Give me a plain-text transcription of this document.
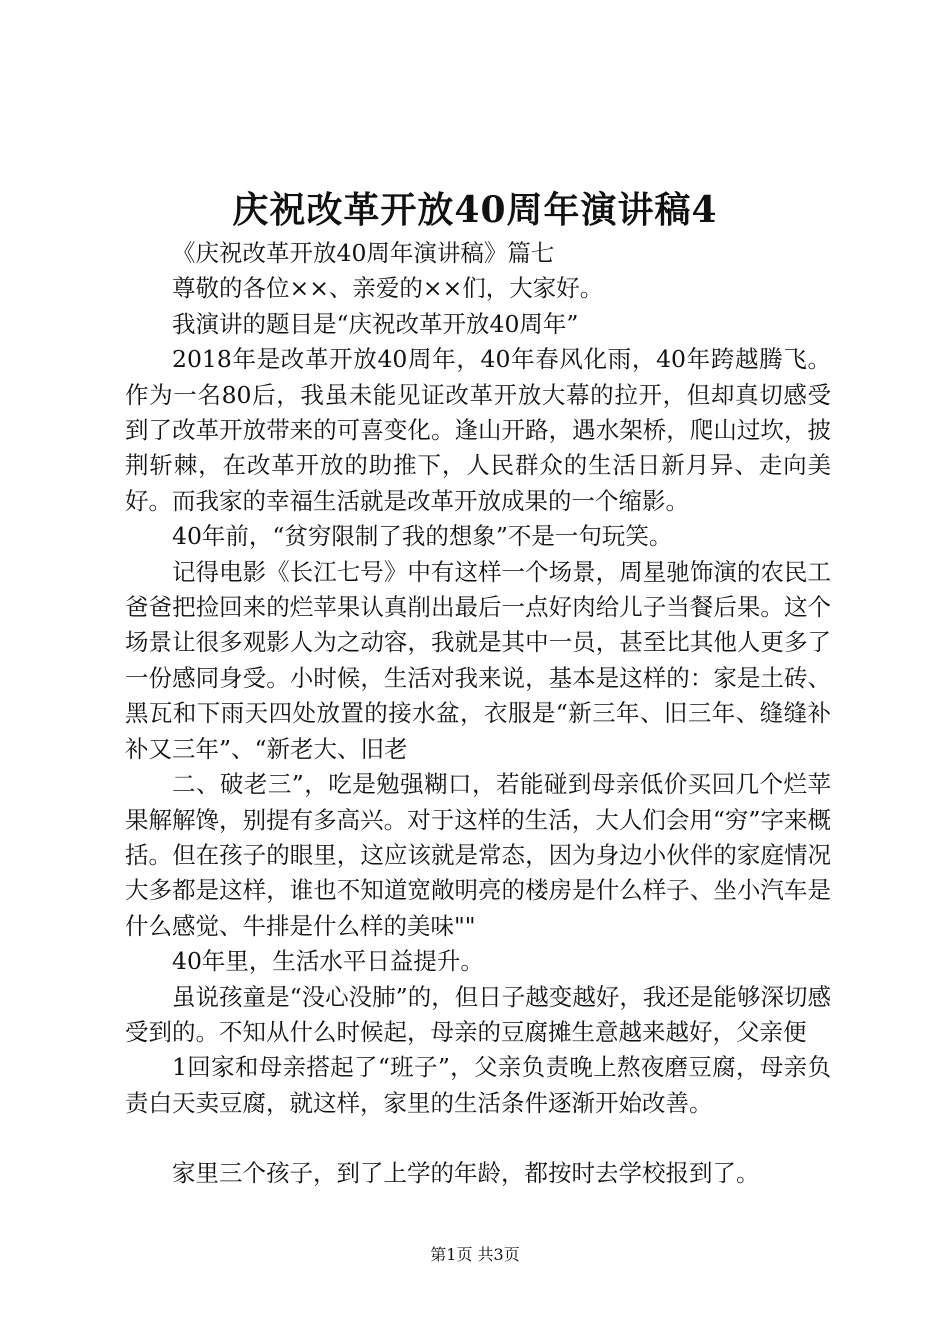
庆祝改革开放40周年演讲稿4

《庆祝改革开放40周年演讲稿》篇七

尊敬的各位××、亲爱的××们，大家好。

我演讲的题目是“庆祝改革开放40周年”

2018年是改革开放40周年，40年春风化雨，40年跨越腾飞。作为一名80后，我虽未能见证改革开放大幕的拉开，但却真切感受到了改革开放带来的可喜变化。逢山开路，遇水架桥，爬山过坎，披荆斩棘，在改革开放的助推下，人民群众的生活日新月异、走向美好。而我家的幸福生活就是改革开放成果的一个缩影。

40年前，“贫穷限制了我的想象”不是一句玩笑。

记得电影《长江七号》中有这样一个场景，周星驰饰演的农民工爸爸把捡回来的烂苹果认真削出最后一点好肉给儿子当餐后果。这个场景让很多观影人为之动容，我就是其中一员，甚至比其他人更多了一份感同身受。小时候，生活对我来说，基本是这样的：家是土砖、黑瓦和下雨天四处放置的接水盆，衣服是“新三年、旧三年、缝缝补补又三年”、“新老大、旧老

二、破老三”，吃是勉强糊口，若能碰到母亲低价买回几个烂苹果解解馋，别提有多高兴。对于这样的生活，大人们会用“穷”字来概括。但在孩子的眼里，这应该就是常态，因为身边小伙伴的家庭情况大多都是这样，谁也不知道宽敞明亮的楼房是什么样子、坐小汽车是什么感觉、牛排是什么样的美味""

40年里，生活水平日益提升。

虽说孩童是“没心没肺”的，但日子越变越好，我还是能够深切感受到的。不知从什么时候起，母亲的豆腐摊生意越来越好，父亲便

1回家和母亲搭起了“班子”，父亲负责晚上熬夜磨豆腐，母亲负责白天卖豆腐，就这样，家里的生活条件逐渐开始改善。

家里三个孩子，到了上学的年龄，都按时去学校报到了。

第1页 共3页
